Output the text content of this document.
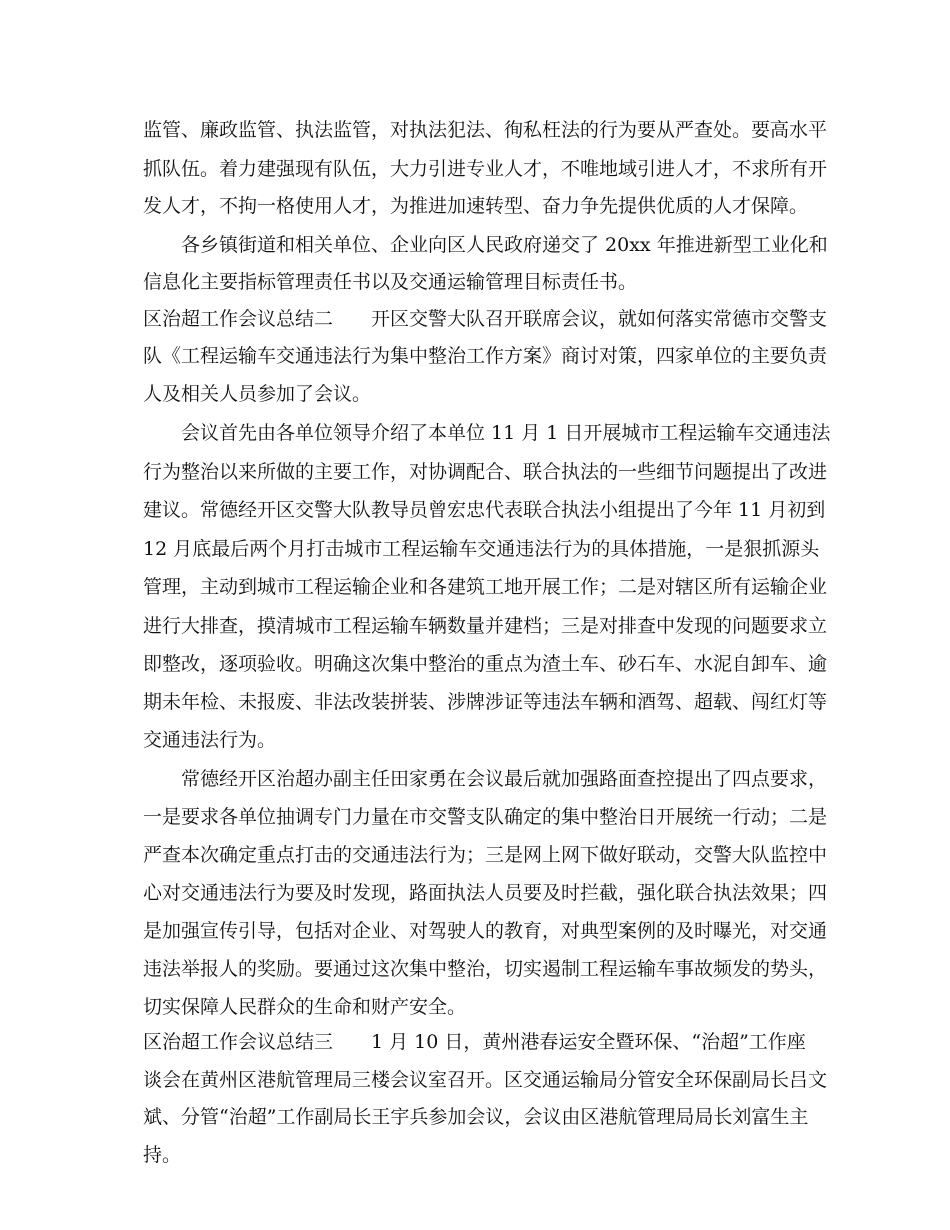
监管、廉政监管、执法监管，对执法犯法、徇私枉法的行为要从严查处。要高水平
抓队伍。着力建强现有队伍，大力引进专业人才，不唯地域引进人才，不求所有开
发人才，不拘一格使用人才，为推进加速转型、奋力争先提供优质的人才保障。
各乡镇街道和相关单位、企业向区人民政府递交了 20xx 年推进新型工业化和
信息化主要指标管理责任书以及交通运输管理目标责任书。
区治超工作会议总结二　　开区交警大队召开联席会议，就如何落实常德市交警支
队《工程运输车交通违法行为集中整治工作方案》商讨对策，四家单位的主要负责
人及相关人员参加了会议。
会议首先由各单位领导介绍了本单位 11 月 1 日开展城市工程运输车交通违法
行为整治以来所做的主要工作，对协调配合、联合执法的一些细节问题提出了改进
建议。常德经开区交警大队教导员曾宏忠代表联合执法小组提出了今年 11 月初到
12 月底最后两个月打击城市工程运输车交通违法行为的具体措施，一是狠抓源头
管理，主动到城市工程运输企业和各建筑工地开展工作；二是对辖区所有运输企业
进行大排查，摸清城市工程运输车辆数量并建档；三是对排查中发现的问题要求立
即整改，逐项验收。明确这次集中整治的重点为渣土车、砂石车、水泥自卸车、逾
期未年检、未报废、非法改装拼装、涉牌涉证等违法车辆和酒驾、超载、闯红灯等
交通违法行为。
常德经开区治超办副主任田家勇在会议最后就加强路面查控提出了四点要求，
一是要求各单位抽调专门力量在市交警支队确定的集中整治日开展统一行动；二是
严查本次确定重点打击的交通违法行为；三是网上网下做好联动，交警大队监控中
心对交通违法行为要及时发现，路面执法人员要及时拦截，强化联合执法效果；四
是加强宣传引导，包括对企业、对驾驶人的教育，对典型案例的及时曝光，对交通
违法举报人的奖励。要通过这次集中整治，切实遏制工程运输车事故频发的势头，
切实保障人民群众的生命和财产安全。
区治超工作会议总结三　　1 月 10 日，黄州港春运安全暨环保、“治超”工作座
谈会在黄州区港航管理局三楼会议室召开。区交通运输局分管安全环保副局长吕文
斌、分管“治超”工作副局长王宇兵参加会议，会议由区港航管理局局长刘富生主
持。
